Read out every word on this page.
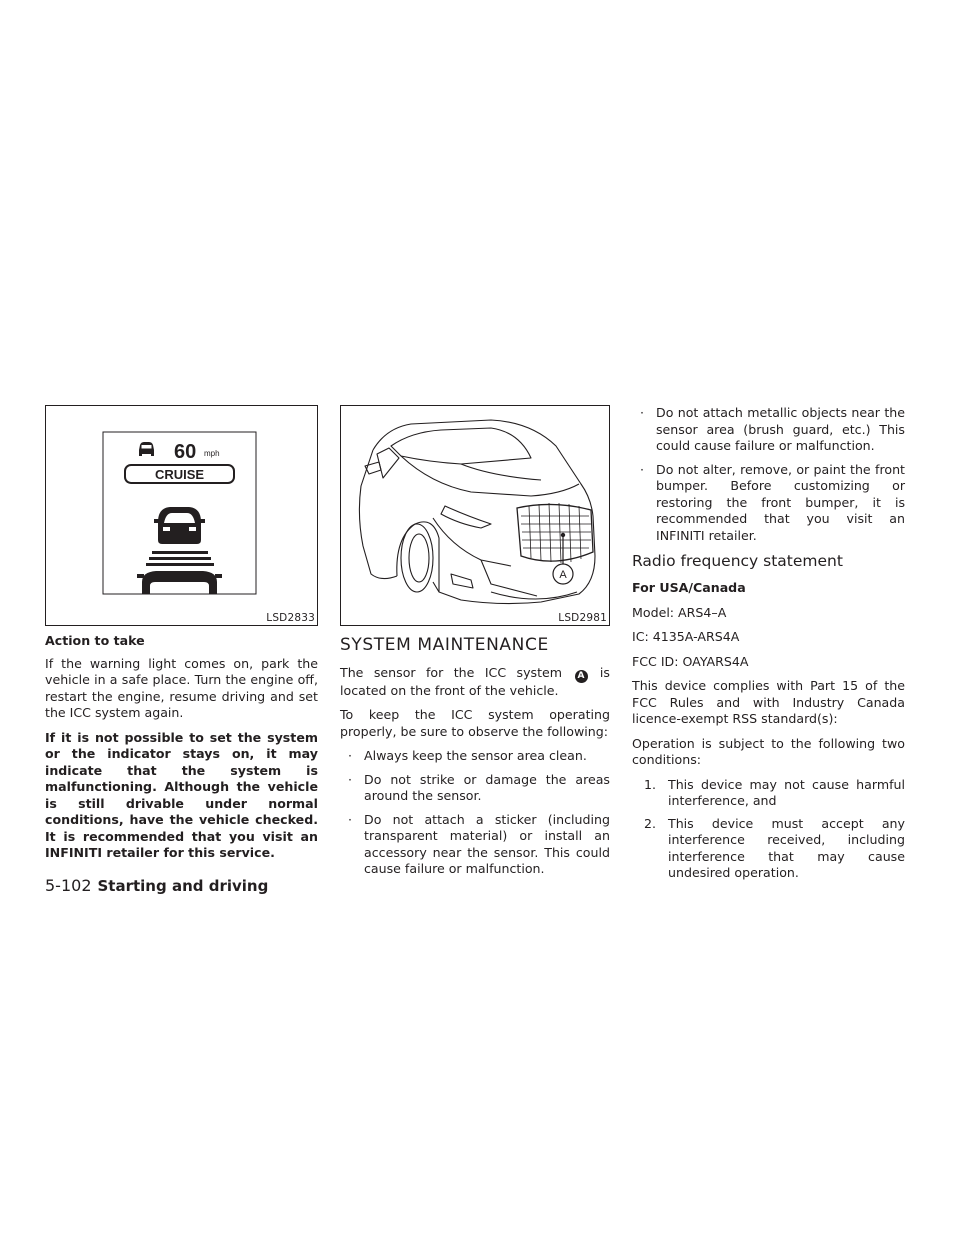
60 mph
CRUISE
LSD2833
A
LSD2981

Action to take

If the warning light comes on, park the vehicle in a safe place. Turn the engine off, restart the engine, resume driving and set the ICC system again.

If it is not possible to set the system or the indicator stays on, it may indicate that the system is malfunctioning. Although the vehicle is still drivable under normal conditions, have the vehicle checked. It is recommended that you visit an INFINITI retailer for this service.

SYSTEM MAINTENANCE

The sensor for the ICC system A is located on the front of the vehicle.

To keep the ICC system operating properly, be sure to observe the following:

· Always keep the sensor area clean.
· Do not strike or damage the areas around the sensor.
· Do not attach a sticker (including transparent material) or install an accessory near the sensor. This could cause failure or malfunction.
· Do not attach metallic objects near the sensor area (brush guard, etc.) This could cause failure or malfunction.
· Do not alter, remove, or paint the front bumper. Before customizing or restoring the front bumper, it is recommended that you visit an INFINITI retailer.
Radio frequency statement

For USA/Canada

Model: ARS4–A

IC: 4135A-ARS4A

FCC ID: OAYARS4A

This device complies with Part 15 of the FCC Rules and with Industry Canada licence-exempt RSS standard(s):

Operation is subject to the following two conditions:

1. This device may not cause harmful interference, and
2. This device must accept any interference received, including interference that may cause undesired operation.
5-102 Starting and driving
